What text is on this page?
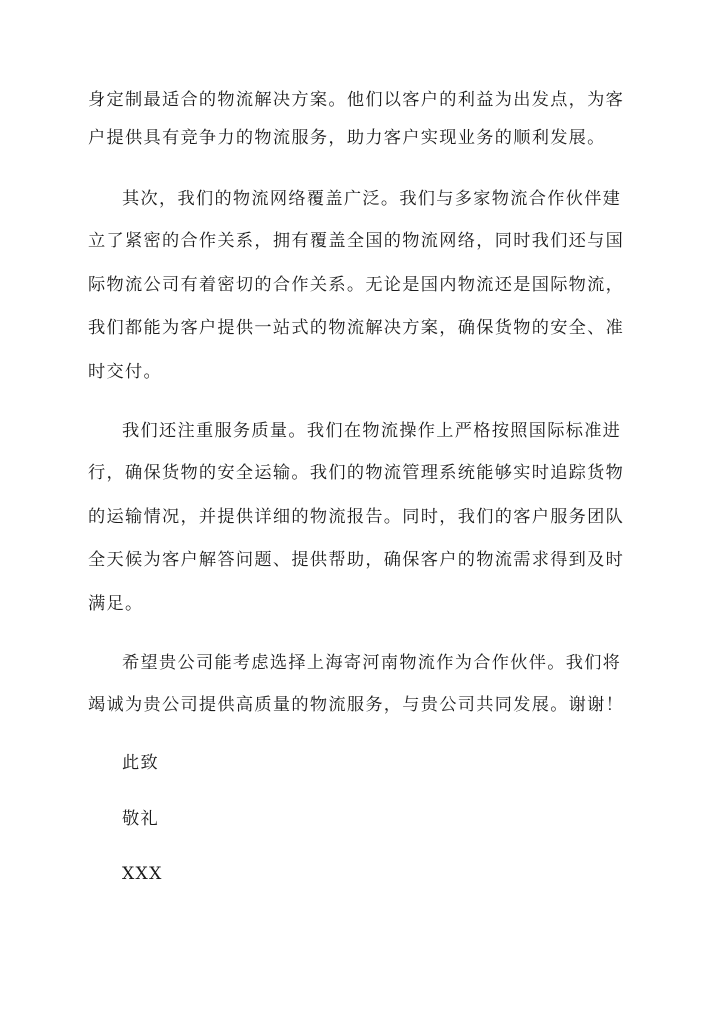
身定制最适合的物流解决方案。他们以客户的利益为出发点，为客
户提供具有竞争力的物流服务，助力客户实现业务的顺利发展。
其次，我们的物流网络覆盖广泛。我们与多家物流合作伙伴建
立了紧密的合作关系，拥有覆盖全国的物流网络，同时我们还与国
际物流公司有着密切的合作关系。无论是国内物流还是国际物流，
我们都能为客户提供一站式的物流解决方案，确保货物的安全、准
时交付。
我们还注重服务质量。我们在物流操作上严格按照国际标准进
行，确保货物的安全运输。我们的物流管理系统能够实时追踪货物
的运输情况，并提供详细的物流报告。同时，我们的客户服务团队
全天候为客户解答问题、提供帮助，确保客户的物流需求得到及时
满足。
希望贵公司能考虑选择上海寄河南物流作为合作伙伴。我们将
竭诚为贵公司提供高质量的物流服务，与贵公司共同发展。谢谢！
此致
敬礼
XXX
